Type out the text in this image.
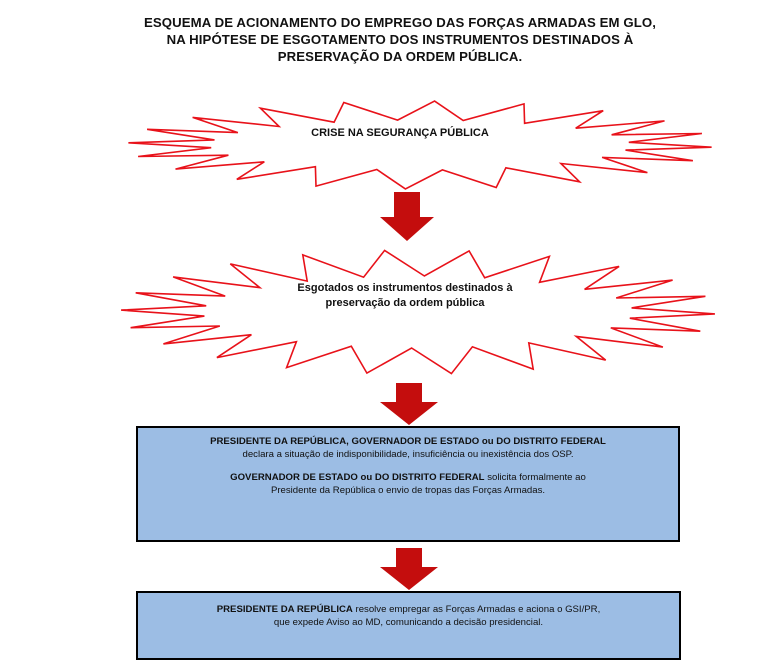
ESQUEMA DE ACIONAMENTO DO EMPREGO DAS FORÇAS ARMADAS EM GLO,
NA HIPÓTESE DE ESGOTAMENTO DOS INSTRUMENTOS DESTINADOS À
PRESERVAÇÃO DA ORDEM PÚBLICA.
CRISE NA SEGURANÇA PÚBLICA
Esgotados os instrumentos destinados à
preservação da ordem pública

PRESIDENTE DA REPÚBLICA, GOVERNADOR DE ESTADO ou DO DISTRITO FEDERAL
declara a situação de indisponibilidade, insuficiência ou inexistência dos OSP.

GOVERNADOR DE ESTADO ou DO DISTRITO FEDERAL solicita formalmente ao
Presidente da República o envio de tropas das Forças Armadas.

PRESIDENTE DA REPÚBLICA resolve empregar as Forças Armadas e aciona o GSI/PR,
que expede Aviso ao MD, comunicando a decisão presidencial.
